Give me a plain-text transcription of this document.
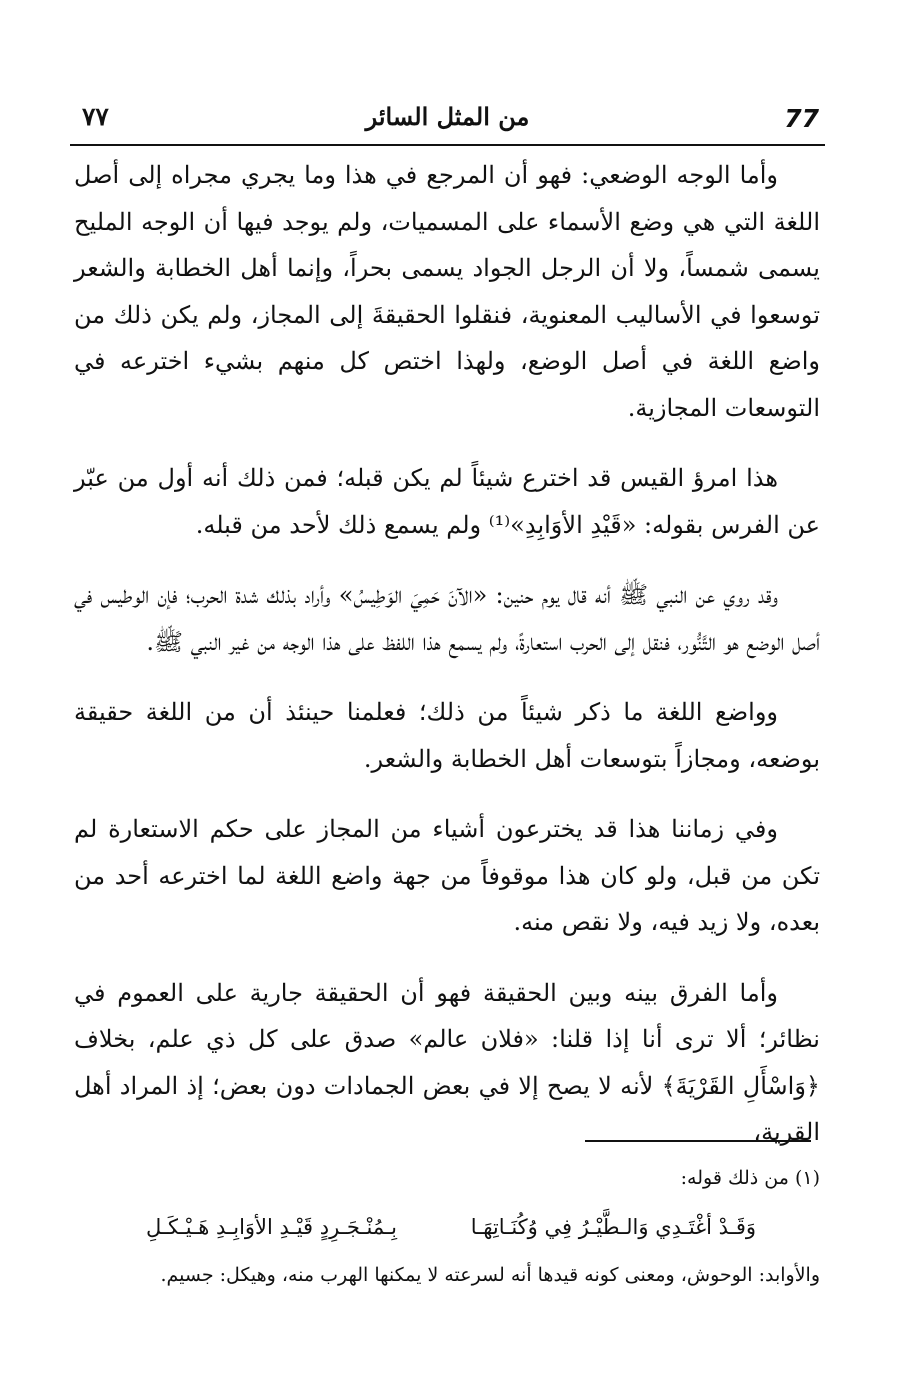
77
من المثل السائر
٧٧

وأما الوجه الوضعي: فهو أن المرجع في هذا وما يجري مجراه إلى أصل اللغة التي هي وضع الأسماء على المسميات، ولم يوجد فيها أن الوجه المليح يسمى شمساً، ولا أن الرجل الجواد يسمى بحراً، وإنما أهل الخطابة والشعر توسعوا في الأساليب المعنوية، فنقلوا الحقيقةَ إلى المجاز، ولم يكن ذلك من واضع اللغة في أصل الوضع، ولهذا اختص كل منهم بشيء اخترعه في التوسعات المجازية.

هذا امرؤ القيس قد اخترع شيئاً لم يكن قبله؛ فمن ذلك أنه أول من عبّر عن الفرس بقوله: «قَيْدِ الأوَابِدِ»⁽¹⁾ ولم يسمع ذلك لأحد من قبله.

وقد روي عن النبي ﷺ أنه قال يوم حنين: «الآنَ حَمِيَ الوَطِيسُ» وأراد بذلك شدة الحرب؛ فإن الوطيس في أصل الوضع هو التَّنُّور، فنقل إلى الحرب استعارةً، ولم يسمع هذا اللفظ على هذا الوجه من غير النبي ﷺ.

وواضع اللغة ما ذكر شيئاً من ذلك؛ فعلمنا حينئذ أن من اللغة حقيقة بوضعه، ومجازاً بتوسعات أهل الخطابة والشعر.

وفي زماننا هذا قد يخترعون أشياء من المجاز على حكم الاستعارة لم تكن من قبل، ولو كان هذا موقوفاً من جهة واضع اللغة لما اخترعه أحد من بعده، ولا زيد فيه، ولا نقص منه.

وأما الفرق بينه وبين الحقيقة فهو أن الحقيقة جارية على العموم في نظائر؛ ألا ترى أنا إذا قلنا: «فلان عالم» صدق على كل ذي علم، بخلاف ﴿وَاسْأَلِ القَرْيَةَ﴾ لأنه لا يصح إلا في بعض الجمادات دون بعض؛ إذ المراد أهل القرية،

(١) من ذلك قوله:

وَقَـدْ أغْتَـدِي وَالـطَّيْـرُ فِي وُكُنَـاتِهَـا
بِـمُنْـجَـرِدٍ قَيْـدِ الأوَابِـدِ هَـيْـكَـلِ

والأوابد: الوحوش، ومعنى كونه قيدها أنه لسرعته لا يمكنها الهرب منه، وهيكل: جسيم.
